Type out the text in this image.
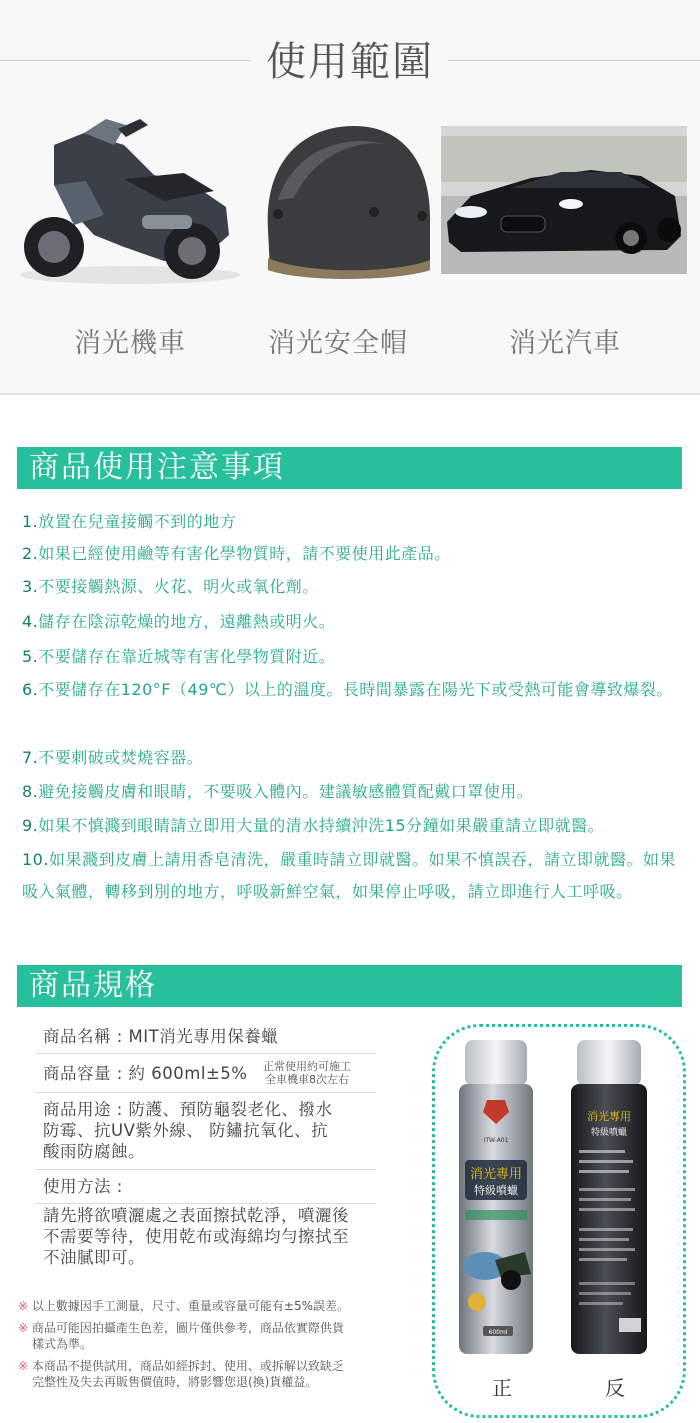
使用範圍
消光機車	消光安全帽	消光汽車
商品使用注意事項
1.放置在兒童接觸不到的地方
2.如果已經使用鹼等有害化學物質時，請不要使用此產品。
3.不要接觸熱源、火花、明火或氧化劑。
4.儲存在陰涼乾燥的地方，遠離熱或明火。
5.不要儲存在靠近城等有害化學物質附近。
6.不要儲存在120°F（49℃）以上的溫度。長時間暴露在陽光下或受熱可能會導致爆裂。
7.不要刺破或焚燒容器。
8.避免接觸皮膚和眼睛，不要吸入體內。建議敏感體質配戴口罩使用。
9.如果不慎濺到眼睛請立即用大量的清水持續沖洗15分鐘如果嚴重請立即就醫。
10.如果濺到皮膚上請用香皂清洗，嚴重時請立即就醫。如果不慎誤吞，請立即就醫。如果吸入氣體，轉移到別的地方，呼吸新鮮空氣，如果停止呼吸，請立即進行人工呼吸。
商品規格
商品名稱 : MIT消光專用保養蠟
商品容量 : 約 600ml±5%	正常使用約可施工
全車機車8次左右
商品用途 : 防護、預防龜裂老化、撥水
防霉、抗UV紫外線、 防鏽抗氧化、抗
酸雨防腐蝕。
使用方法 :
請先將欲噴灑處之表面擦拭乾淨，噴灑後
不需要等待，使用乾布或海綿均勻擦拭至
不油膩即可。
※ 以上數據因手工測量，尺寸、重量或容量可能有±5%誤差。
※ 商品可能因拍攝產生色差，圖片僅供參考，商品依實際供貨
樣式為準。
※ 本商品不提供試用，商品如經拆封、使用、或拆解以致缺乏
完整性及失去再販售價值時，將影響您退(換)貨權益。
消光專用
特級噴蠟
ITW-A01
600ml
消光專用
特級噴蠟
正	反
